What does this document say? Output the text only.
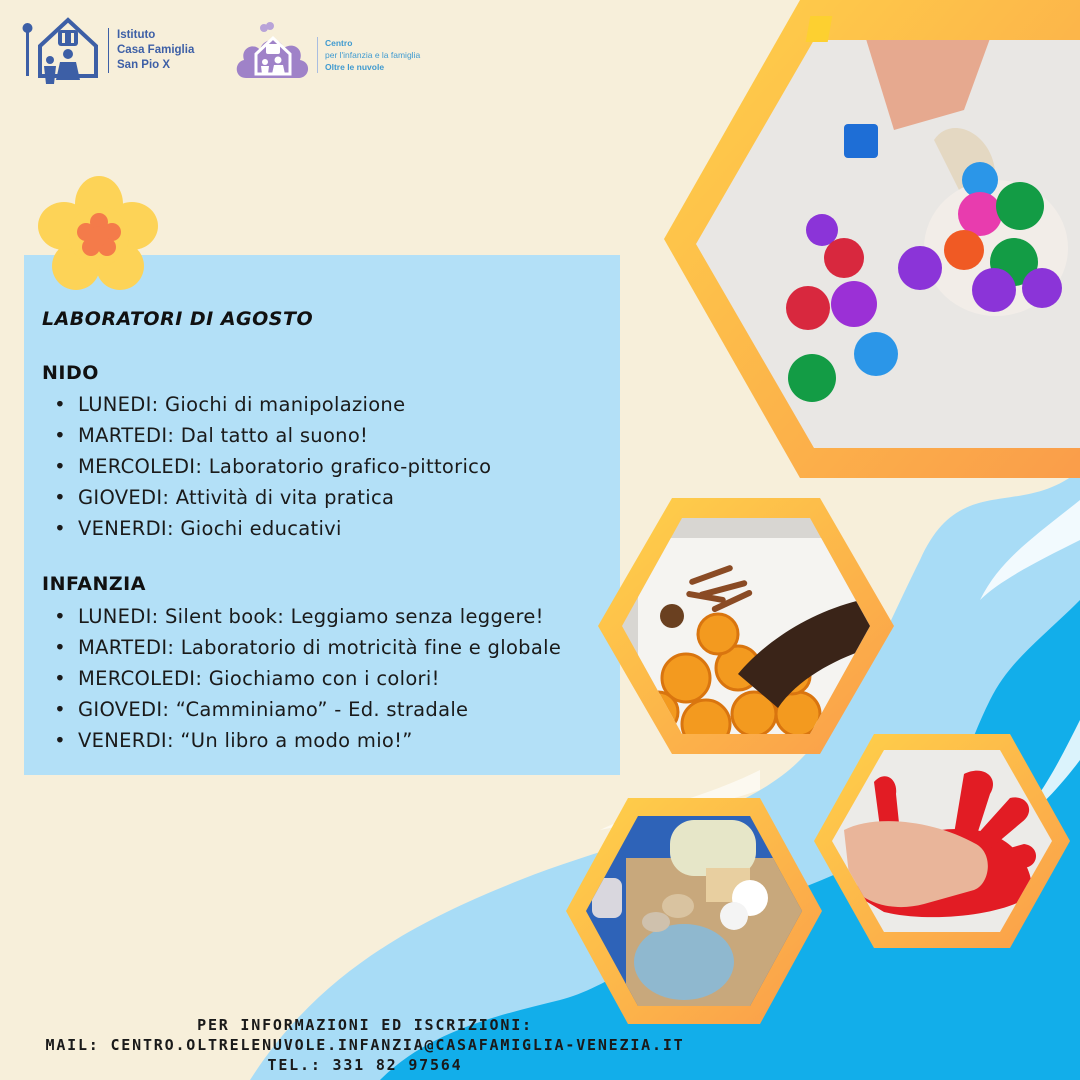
Istituto
Casa Famiglia
San Pio X
Centro
per l'infanzia e la famiglia
Oltre le nuvole
LABORATORI DI AGOSTO
NIDO
• LUNEDI: Giochi di manipolazione
• MARTEDI: Dal tatto al suono!
• MERCOLEDI: Laboratorio grafico-pittorico
• GIOVEDI: Attività di vita pratica
• VENERDI: Giochi educativi
INFANZIA
• LUNEDI: Silent book: Leggiamo senza leggere!
• MARTEDI: Laboratorio di motricità fine e globale
• MERCOLEDI: Giochiamo con i colori!
• GIOVEDI: “Camminiamo” - Ed. stradale
• VENERDI: “Un libro a modo mio!”
PER INFORMAZIONI ED ISCRIZIONI:
MAIL: CENTRO.OLTRELENUVOLE.INFANZIA@CASAFAMIGLIA-VENEZIA.IT
TEL.: 331 82 97564
